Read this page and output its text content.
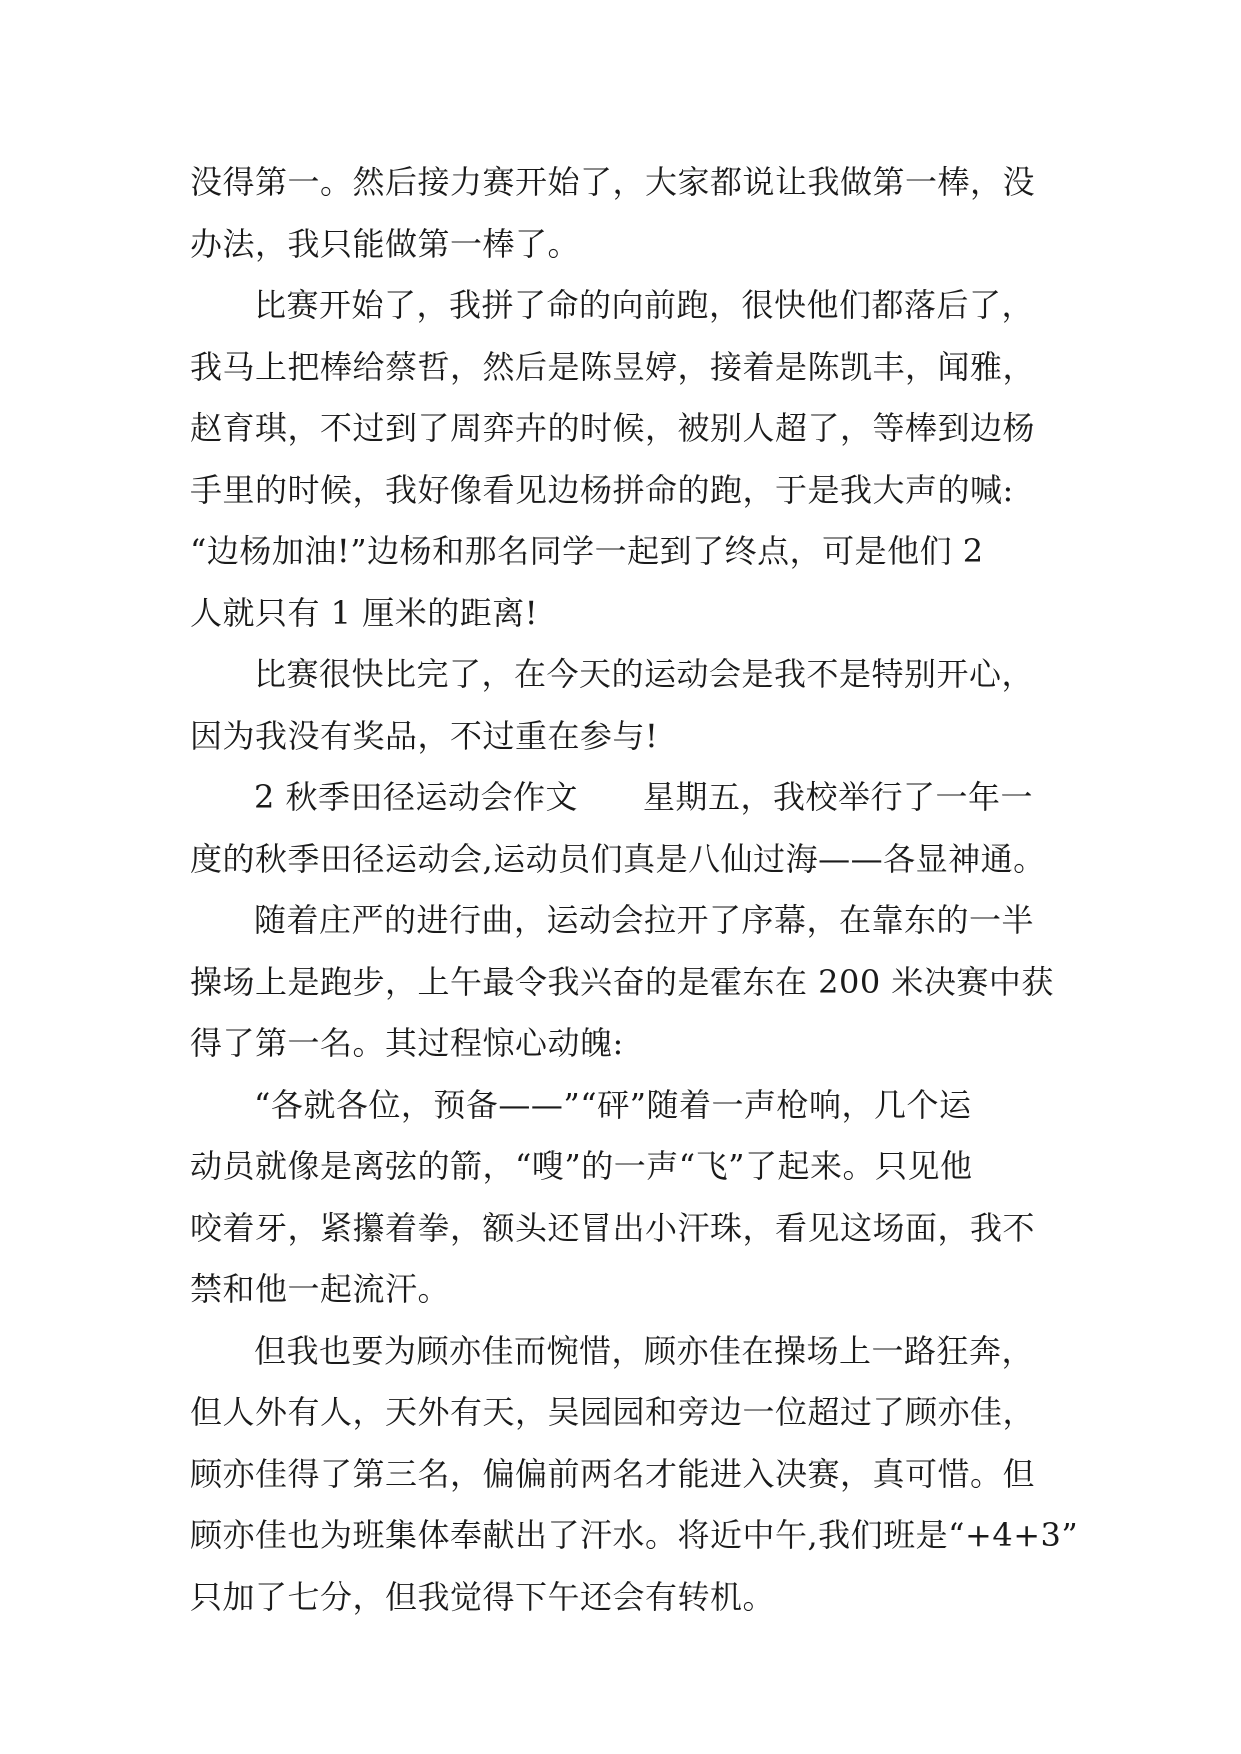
没得第一。然后接力赛开始了，大家都说让我做第一棒，没
办法，我只能做第一棒了。

比赛开始了，我拼了命的向前跑，很快他们都落后了，
我马上把棒给蔡哲，然后是陈昱婷，接着是陈凯丰，闻雅，
赵育琪，不过到了周弈卉的时候，被别人超了，等棒到边杨
手里的时候，我好像看见边杨拼命的跑，于是我大声的喊:
“边杨加油!”边杨和那名同学一起到了终点，可是他们 2
人就只有 1 厘米的距离!

比赛很快比完了，在今天的运动会是我不是特别开心，
因为我没有奖品，不过重在参与!

2 秋季田径运动会作文　　星期五，我校举行了一年一
度的秋季田径运动会,运动员们真是八仙过海——各显神通。

随着庄严的进行曲，运动会拉开了序幕，在靠东的一半
操场上是跑步，上午最令我兴奋的是霍东在 200 米决赛中获
得了第一名。其过程惊心动魄:

“各就各位，预备——”“砰”随着一声枪响，几个运
动员就像是离弦的箭，“嗖”的一声“飞”了起来。只见他
咬着牙，紧攥着拳，额头还冒出小汗珠，看见这场面，我不
禁和他一起流汗。

但我也要为顾亦佳而惋惜，顾亦佳在操场上一路狂奔，
但人外有人，天外有天，吴园园和旁边一位超过了顾亦佳，
顾亦佳得了第三名，偏偏前两名才能进入决赛，真可惜。但
顾亦佳也为班集体奉献出了汗水。将近中午,我们班是“+4+3”
只加了七分，但我觉得下午还会有转机。
